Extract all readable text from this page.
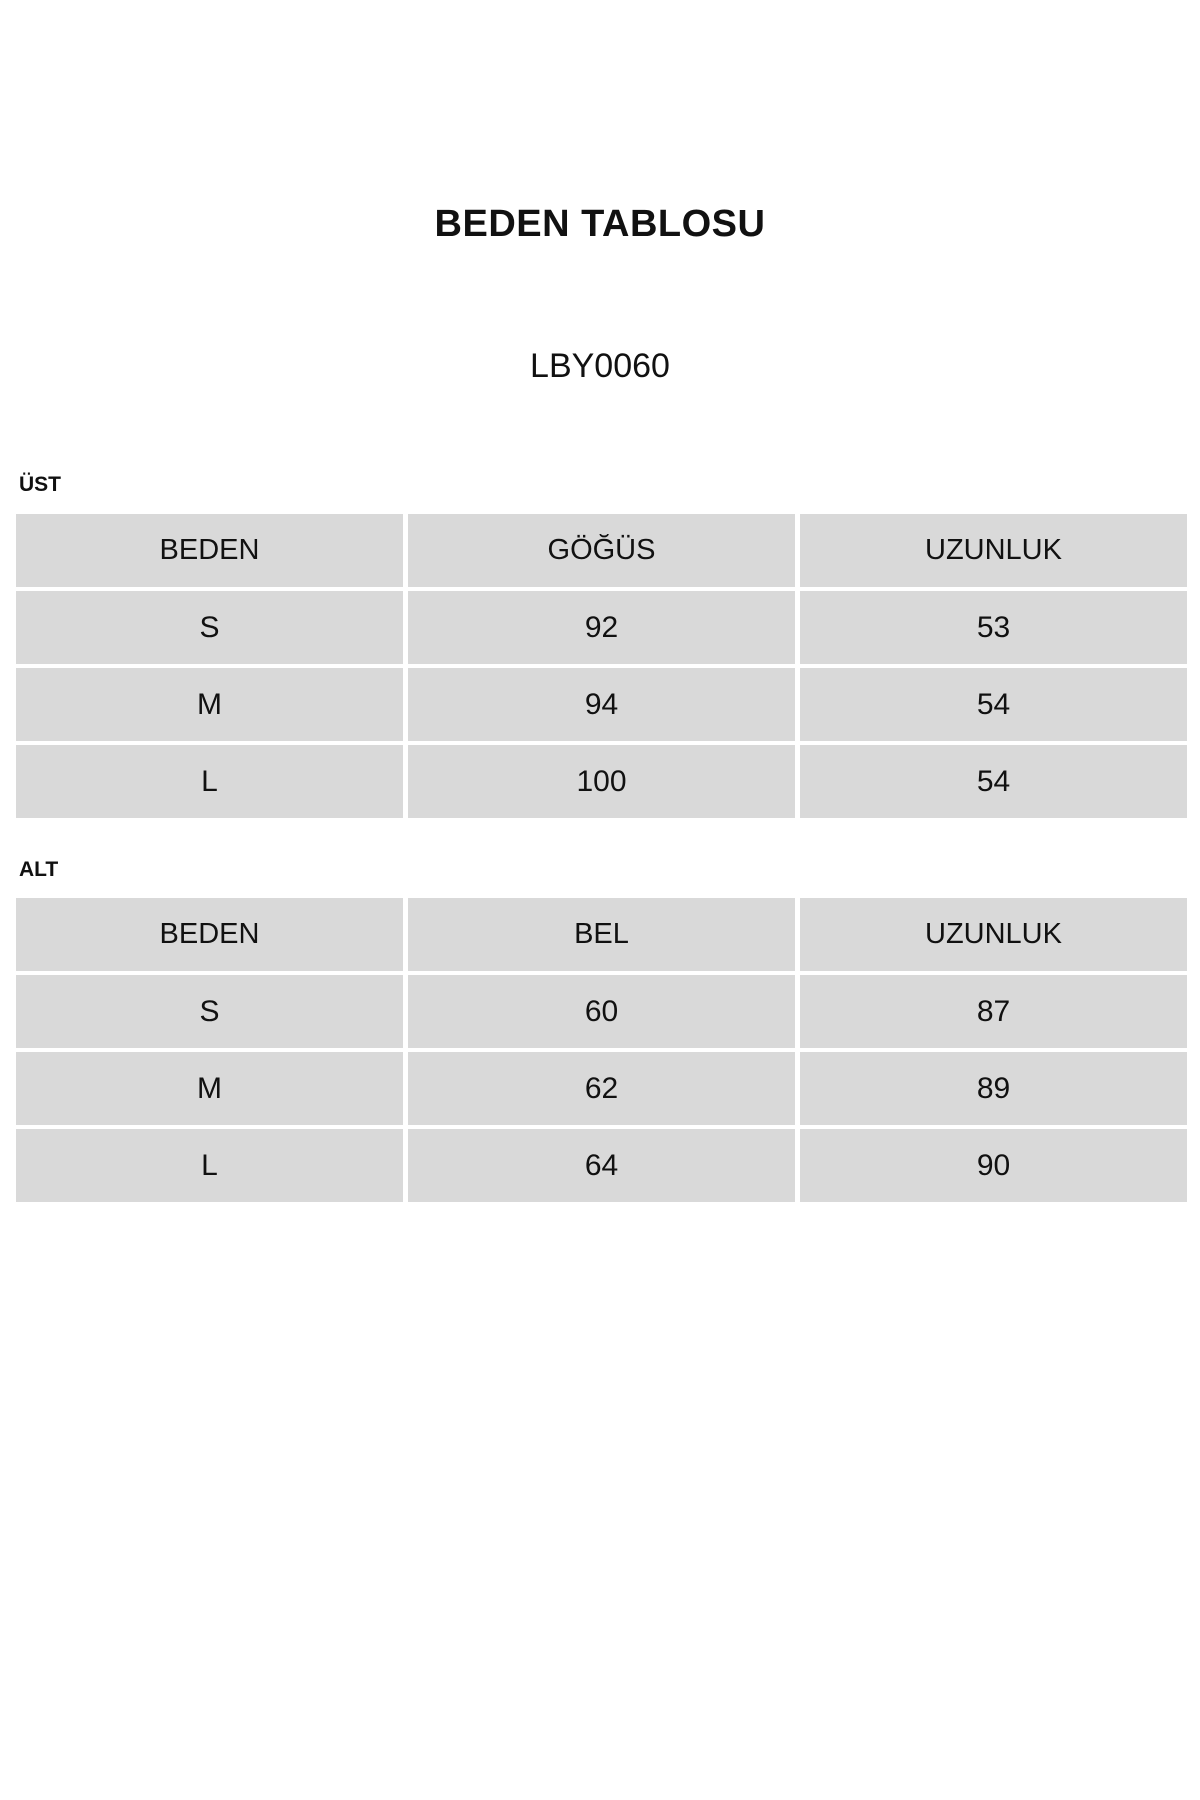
BEDEN TABLOSU
LBY0060
ÜST
BEDEN	GÖĞÜS	UZUNLUK
S	92	53
M	94	54
L	100	54
ALT
BEDEN	BEL	UZUNLUK
S	60	87
M	62	89
L	64	90
